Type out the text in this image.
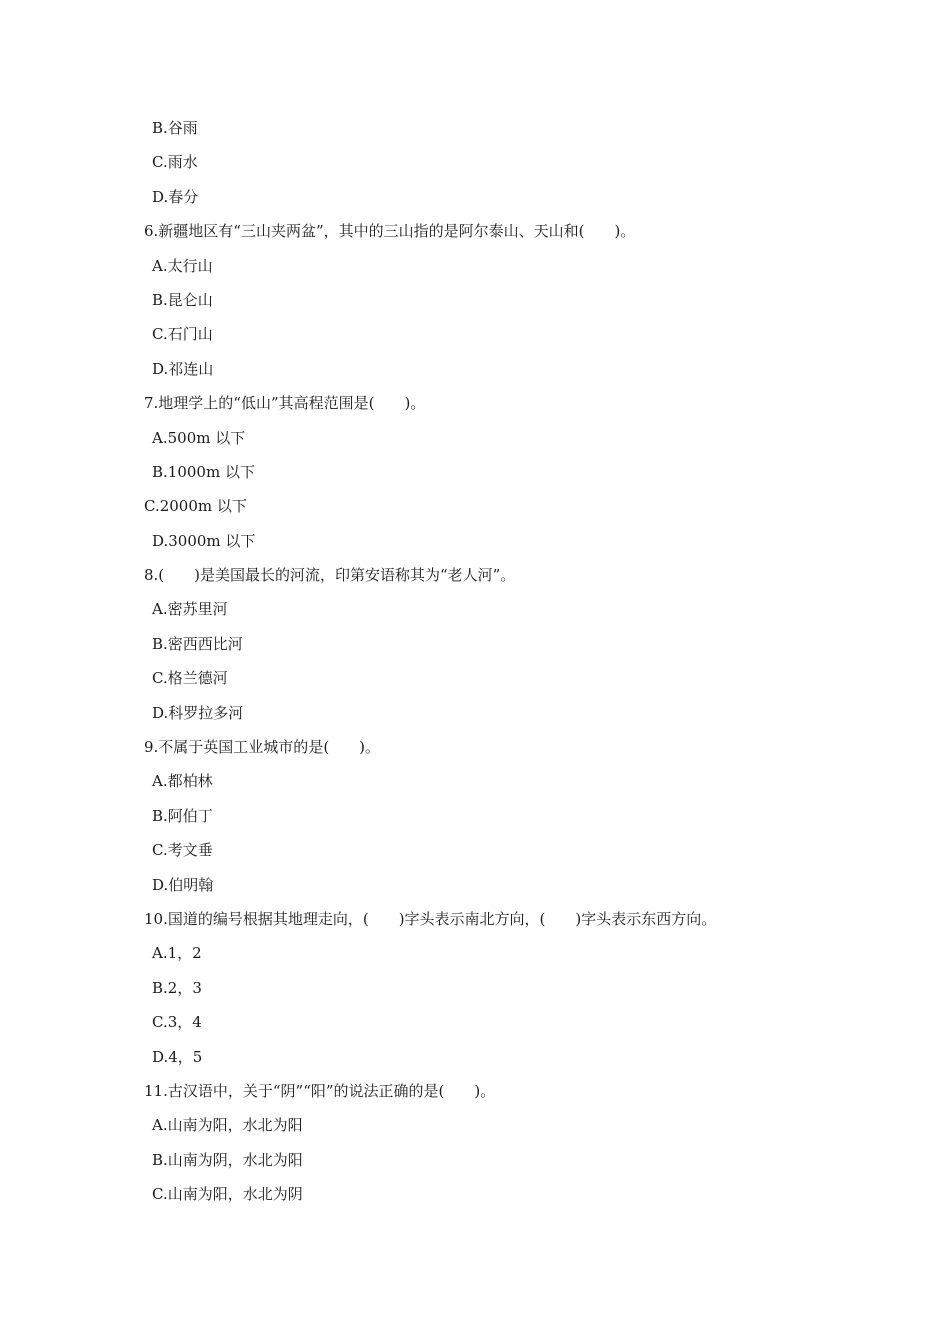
B.谷雨
C.雨水
D.春分
6.新疆地区有“三山夹两盆”，其中的三山指的是阿尔泰山、天山和(　　)。
A.太行山
B.昆仑山
C.石门山
D.祁连山
7.地理学上的“低山”其高程范围是(　　)。
A.500m 以下
B.1000m 以下
C.2000m 以下
D.3000m 以下
8.(　　)是美国最长的河流，印第安语称其为“老人河”。
A.密苏里河
B.密西西比河
C.格兰德河
D.科罗拉多河
9.不属于英国工业城市的是(　　)。
A.都柏林
B.阿伯丁
C.考文垂
D.伯明翰
10.国道的编号根据其地理走向，(　　)字头表示南北方向，(　　)字头表示东西方向。
A.1，2
B.2，3
C.3，4
D.4，5
11.古汉语中，关于“阴”“阳”的说法正确的是(　　)。
A.山南为阳，水北为阳
B.山南为阴，水北为阳
C.山南为阳，水北为阴
